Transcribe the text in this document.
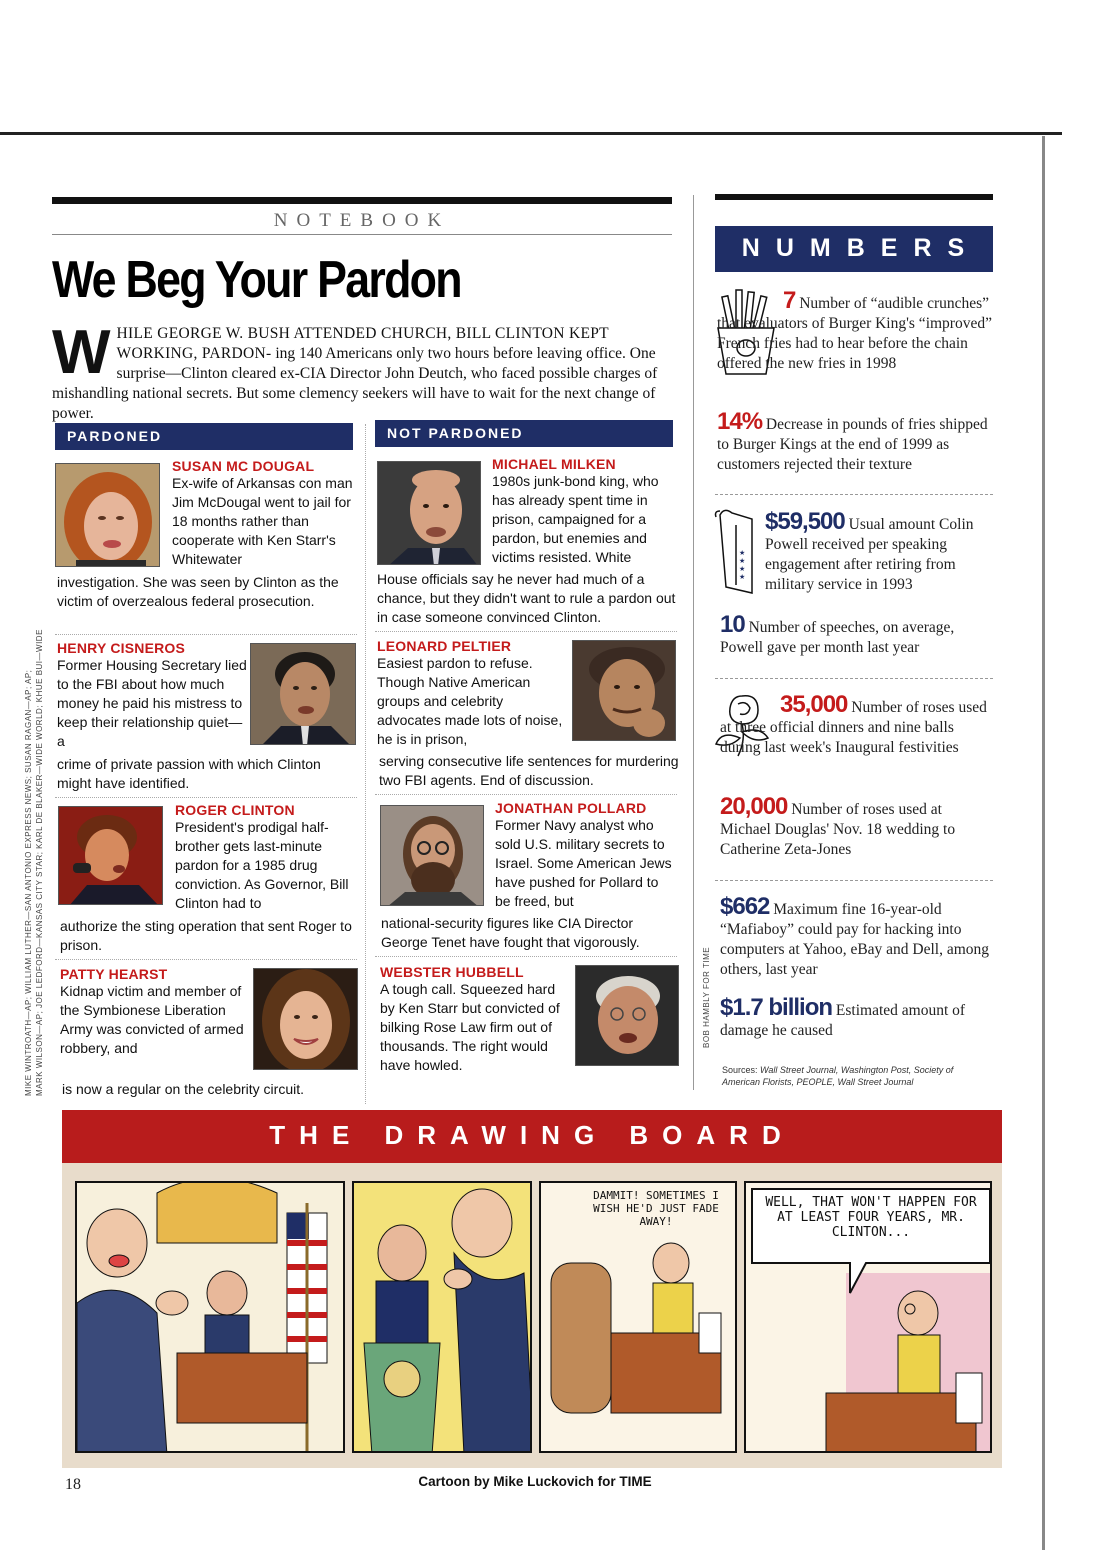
NOTEBOOK
We Beg Your Pardon
W HILE GEORGE W. BUSH ATTENDED CHURCH, BILL CLINTON KEPT WORKING, PARDON- ing 140 Americans only two hours before leaving office. One surprise—Clinton cleared ex-CIA Director John Deutch, who faced possible charges of mishandling national secrets. But some clemency seekers will have to wait for the next change of power.
MIKE WINTROATH—AP; WILLIAM LUTHER—SAN ANTONIO EXPRESS NEWS; SUSAN RAGAN—AP; AP; MARK WILSON—AP; JOE LEDFORD—KANSAS CITY STAR; KARL DE BLAKER—WIDE WORLD; KHUE BUI—WIDE
PARDONED	NOT PARDONED
SUSAN MC DOUGAL
Ex-wife of Arkansas con man Jim McDougal went to jail for 18 months rather than cooperate with Ken Starr's Whitewater
investigation. She was seen by Clinton as the victim of overzealous federal prosecution.
HENRY CISNEROS
Former Housing Secretary lied to the FBI about how much money he paid his mistress to keep their relationship quiet—a
crime of private passion with which Clinton might have identified.
ROGER CLINTON
President's prodigal half-brother gets last-minute pardon for a 1985 drug conviction. As Governor, Bill Clinton had to
authorize the sting operation that sent Roger to prison.
PATTY HEARST
Kidnap victim and member of the Symbionese Liberation Army was convicted of armed robbery, and
is now a regular on the celebrity circuit.
MICHAEL MILKEN
1980s junk-bond king, who has already spent time in prison, campaigned for a pardon, but enemies and victims resisted. White
House officials say he never had much of a chance, but they didn't want to rule a pardon out in case someone convinced Clinton.
LEONARD PELTIER
Easiest pardon to refuse. Though Native American groups and celebrity advocates made lots of noise, he is in prison,
serving consecutive life sentences for murdering two FBI agents. End of discussion.
JONATHAN POLLARD
Former Navy analyst who sold U.S. military secrets to Israel. Some American Jews have pushed for Pollard to be freed, but
national-security figures like CIA Director George Tenet have fought that vigorously.
WEBSTER HUBBELL
A tough call. Squeezed hard by Ken Starr but convicted of bilking Rose Law firm out of thousands. The right would have howled.
NUMBERS
7 Number of “audible crunches” that evaluators of Burger King's “improved” French fries had to hear before the chain offered the new fries in 1998
14% Decrease in pounds of fries shipped to Burger Kings at the end of 1999 as customers rejected their texture
★
★
★
★
$59,500 Usual amount Colin Powell received per speaking engagement after retiring from military service in 1993
10 Number of speeches, on average, Powell gave per month last year
35,000 Number of roses used at three official dinners and nine balls during last week's Inaugural festivities
20,000 Number of roses used at Michael Douglas' Nov. 18 wedding to Catherine Zeta-Jones
$662 Maximum fine 16-year-old “Mafiaboy” could pay for hacking into computers at Yahoo, eBay and Dell, among others, last year
$1.7 billion Estimated amount of damage he caused
BOB HAMBLY FOR TIME
Sources: Wall Street Journal, Washington Post, Society of American Florists, PEOPLE, Wall Street Journal
THE DRAWING BOARD
DAMMIT! SOMETIMES I WISH HE'D JUST FADE AWAY!
WELL, THAT WON'T HAPPEN FOR AT LEAST FOUR YEARS, MR. CLINTON...
18	Cartoon by Mike Luckovich for TIME
